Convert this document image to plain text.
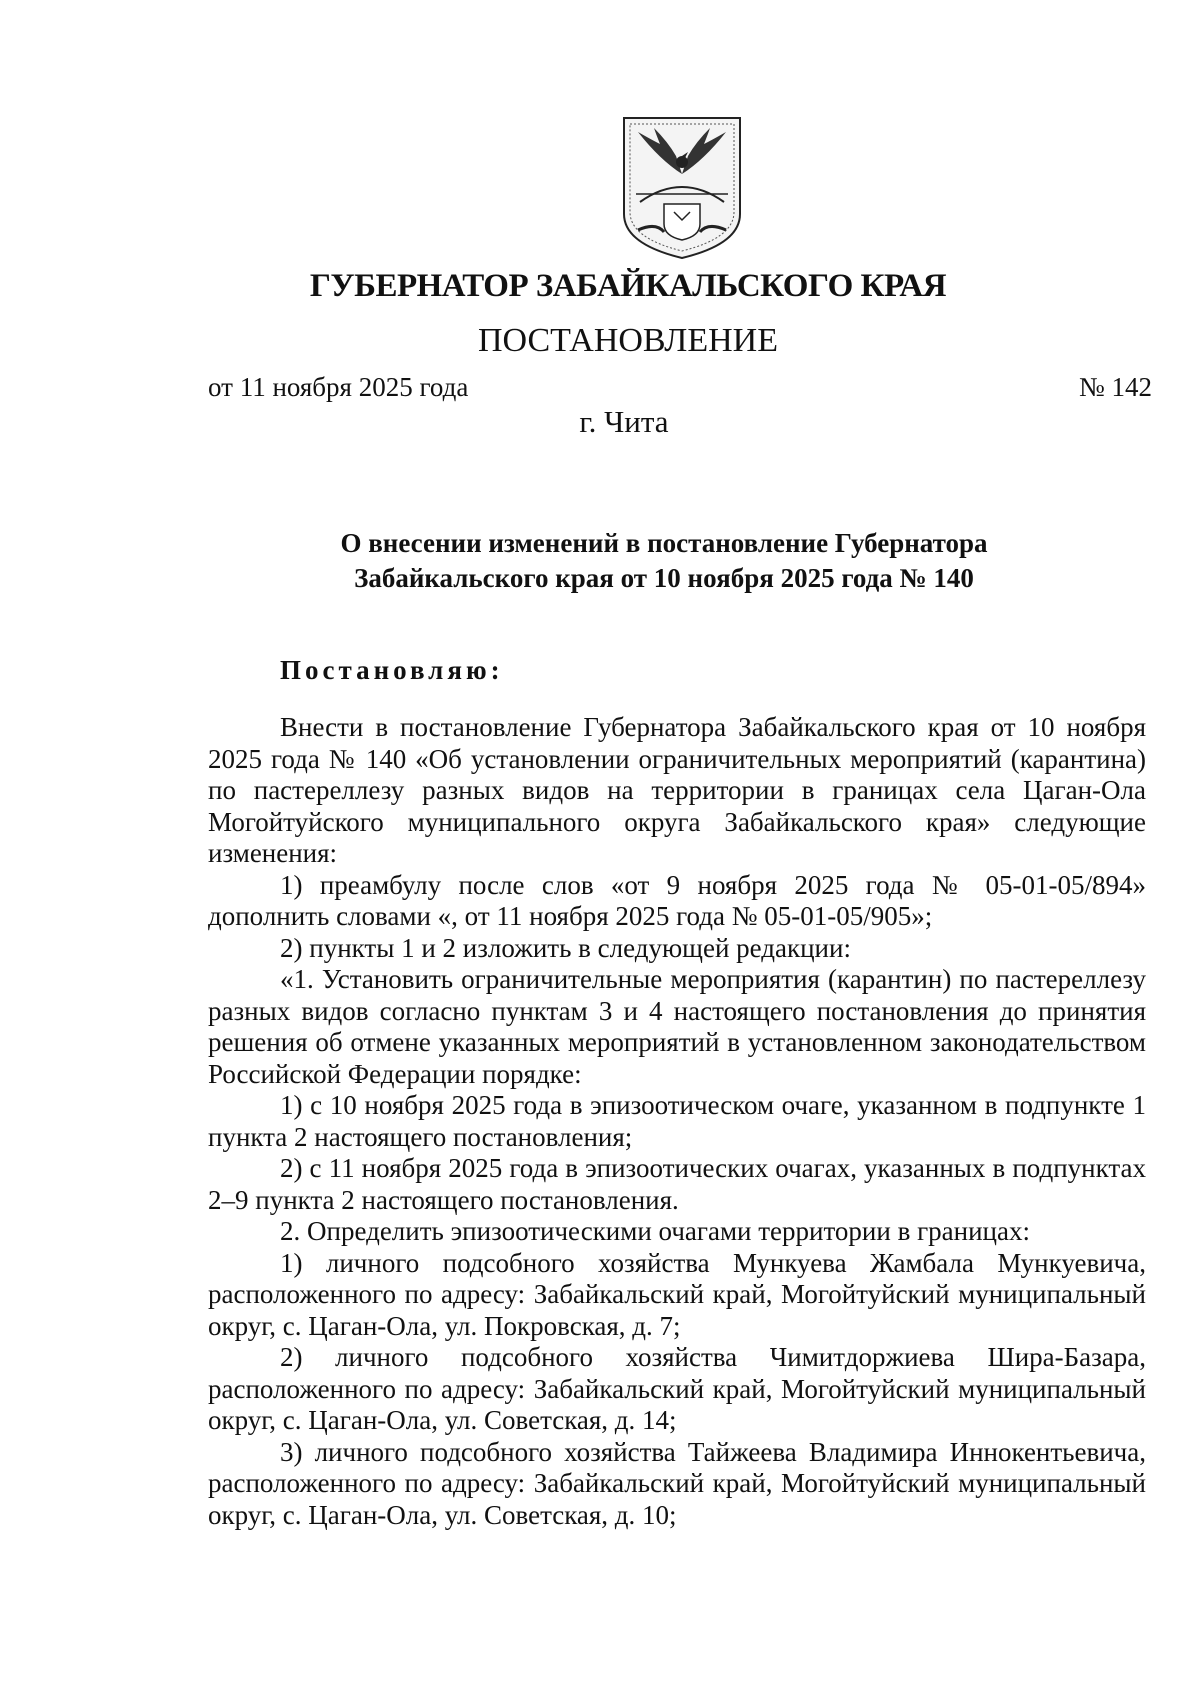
ГУБЕРНАТОР ЗАБАЙКАЛЬСКОГО КРАЯ
ПОСТАНОВЛЕНИЕ
от 11 ноября 2025 года	№ 142
г. Чита
О внесении изменений в постановление Губернатора
Забайкальского края от 10 ноября 2025 года № 140
Постановляю:

Внести в постановление Губернатора Забайкальского края от 10 ноября 2025 года № 140 «Об установлении ограничительных мероприятий (карантина) по пастереллезу разных видов на территории в границах села Цаган-Ола Могойтуйского муниципального округа Забайкальского края» следующие изменения:

1) преамбулу после слов «от 9 ноября 2025 года № 05-01-05/894» дополнить словами «, от 11 ноября 2025 года № 05-01-05/905»;

2) пункты 1 и 2 изложить в следующей редакции:

«1. Установить ограничительные мероприятия (карантин) по пастереллезу разных видов согласно пунктам 3 и 4 настоящего постановления до принятия решения об отмене указанных мероприятий в установленном законодательством Российской Федерации порядке:

1) с 10 ноября 2025 года в эпизоотическом очаге, указанном в подпункте 1 пункта 2 настоящего постановления;

2) с 11 ноября 2025 года в эпизоотических очагах, указанных в подпунктах 2–9 пункта 2 настоящего постановления.

2. Определить эпизоотическими очагами территории в границах:

1) личного подсобного хозяйства Мункуева Жамбала Мункуевича, расположенного по адресу: Забайкальский край, Могойтуйский муниципальный округ, с. Цаган-Ола, ул. Покровская, д. 7;

2) личного подсобного хозяйства Чимитдоржиева Шира-Базара, расположенного по адресу: Забайкальский край, Могойтуйский муниципальный округ, с. Цаган-Ола, ул. Советская, д. 14;

3) личного подсобного хозяйства Тайжеева Владимира Иннокентьевича, расположенного по адресу: Забайкальский край, Могойтуйский муниципальный округ, с. Цаган-Ола, ул. Советская, д. 10;
